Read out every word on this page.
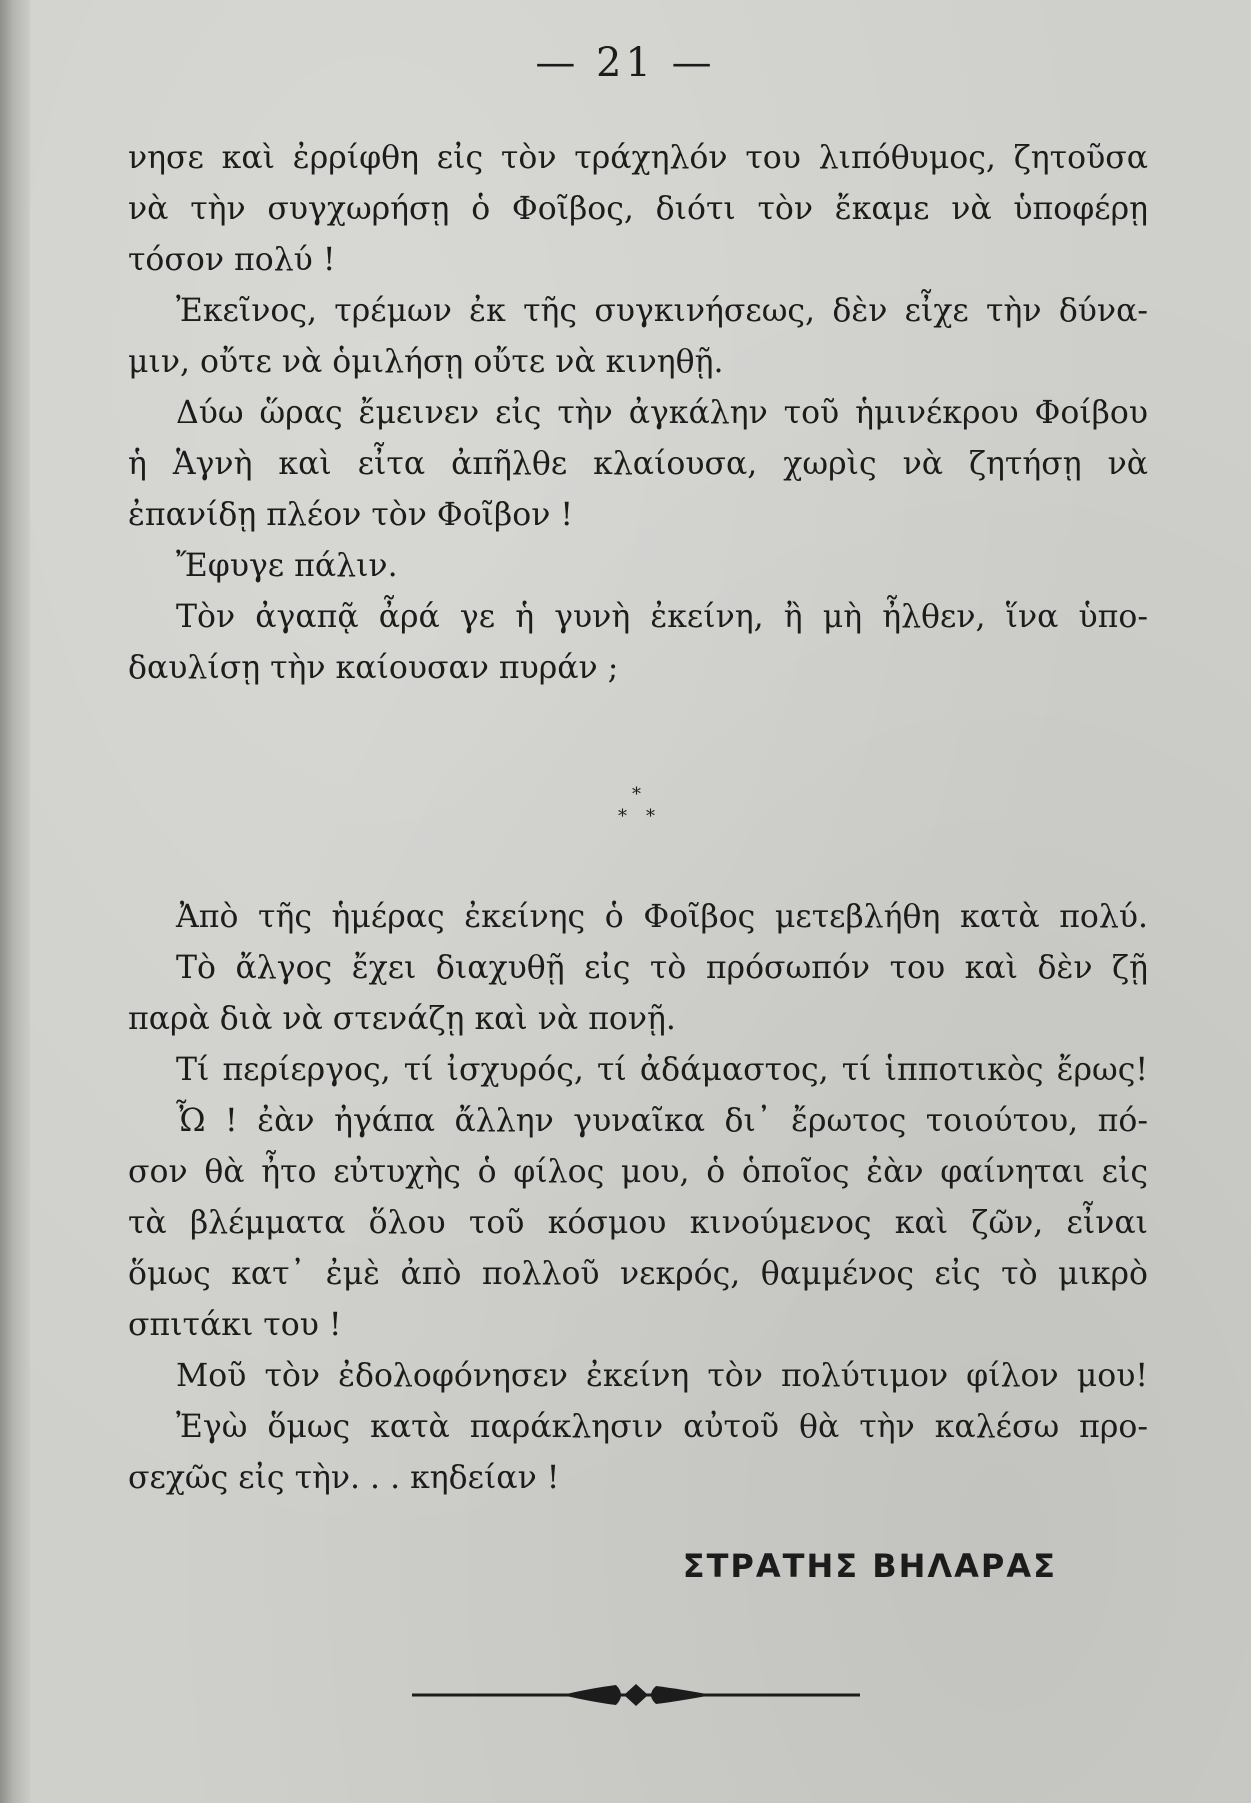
— 21 —
νησε καὶ ἐρρίφθη εἰς τὸν τράχηλόν του λιπόθυμος, ζητοῦσα
νὰ τὴν συγχωρήσῃ ὁ Φοῖβος, διότι τὸν ἔκαμε νὰ ὑποφέρῃ
τόσον πολύ !
Ἐκεῖνος, τρέμων ἐκ τῆς συγκινήσεως, δὲν εἶχε τὴν δύνα-
μιν, οὔτε νὰ ὁμιλήσῃ οὔτε νὰ κινηθῇ.
Δύω ὥρας ἔμεινεν εἰς τὴν ἀγκάλην τοῦ ἡμινέκρου Φοίβου
ἡ Ἁγνὴ καὶ εἶτα ἀπῆλθε κλαίουσα, χωρὶς νὰ ζητήσῃ νὰ
ἐπανίδῃ πλέον τὸν Φοῖβον !
Ἔφυγε πάλιν.
Τὸν ἀγαπᾷ ἆρά γε ἡ γυνὴ ἐκείνη, ἢ μὴ ἦλθεν, ἵνα ὑπο-
δαυλίσῃ τὴν καίουσαν πυράν ;
*
* *
Ἀπὸ τῆς ἡμέρας ἐκείνης ὁ Φοῖβος μετεβλήθη κατὰ πολύ.
Τὸ ἄλγος ἔχει διαχυθῇ εἰς τὸ πρόσωπόν του καὶ δὲν ζῇ
παρὰ διὰ νὰ στενάζῃ καὶ νὰ πονῇ.
Τί περίεργος, τί ἰσχυρός, τί ἀδάμαστος, τί ἱπποτικὸς ἔρως!
Ὦ ! ἐὰν ἠγάπα ἄλλην γυναῖκα δι᾽ ἔρωτος τοιούτου, πό-
σον θὰ ἦτο εὐτυχὴς ὁ φίλος μου, ὁ ὁποῖος ἐὰν φαίνηται εἰς
τὰ βλέμματα ὅλου τοῦ κόσμου κινούμενος καὶ ζῶν, εἶναι
ὅμως κατ᾽ ἐμὲ ἀπὸ πολλοῦ νεκρός, θαμμένος εἰς τὸ μικρὸ
σπιτάκι του !
Μοῦ τὸν ἐδολοφόνησεν ἐκείνη τὸν πολύτιμον φίλον μου!
Ἐγὼ ὅμως κατὰ παράκλησιν αὐτοῦ θὰ τὴν καλέσω προ-
σεχῶς εἰς τὴν. . . κηδείαν !
ΣΤΡΑΤΗΣ ΒΗΛΑΡΑΣ
